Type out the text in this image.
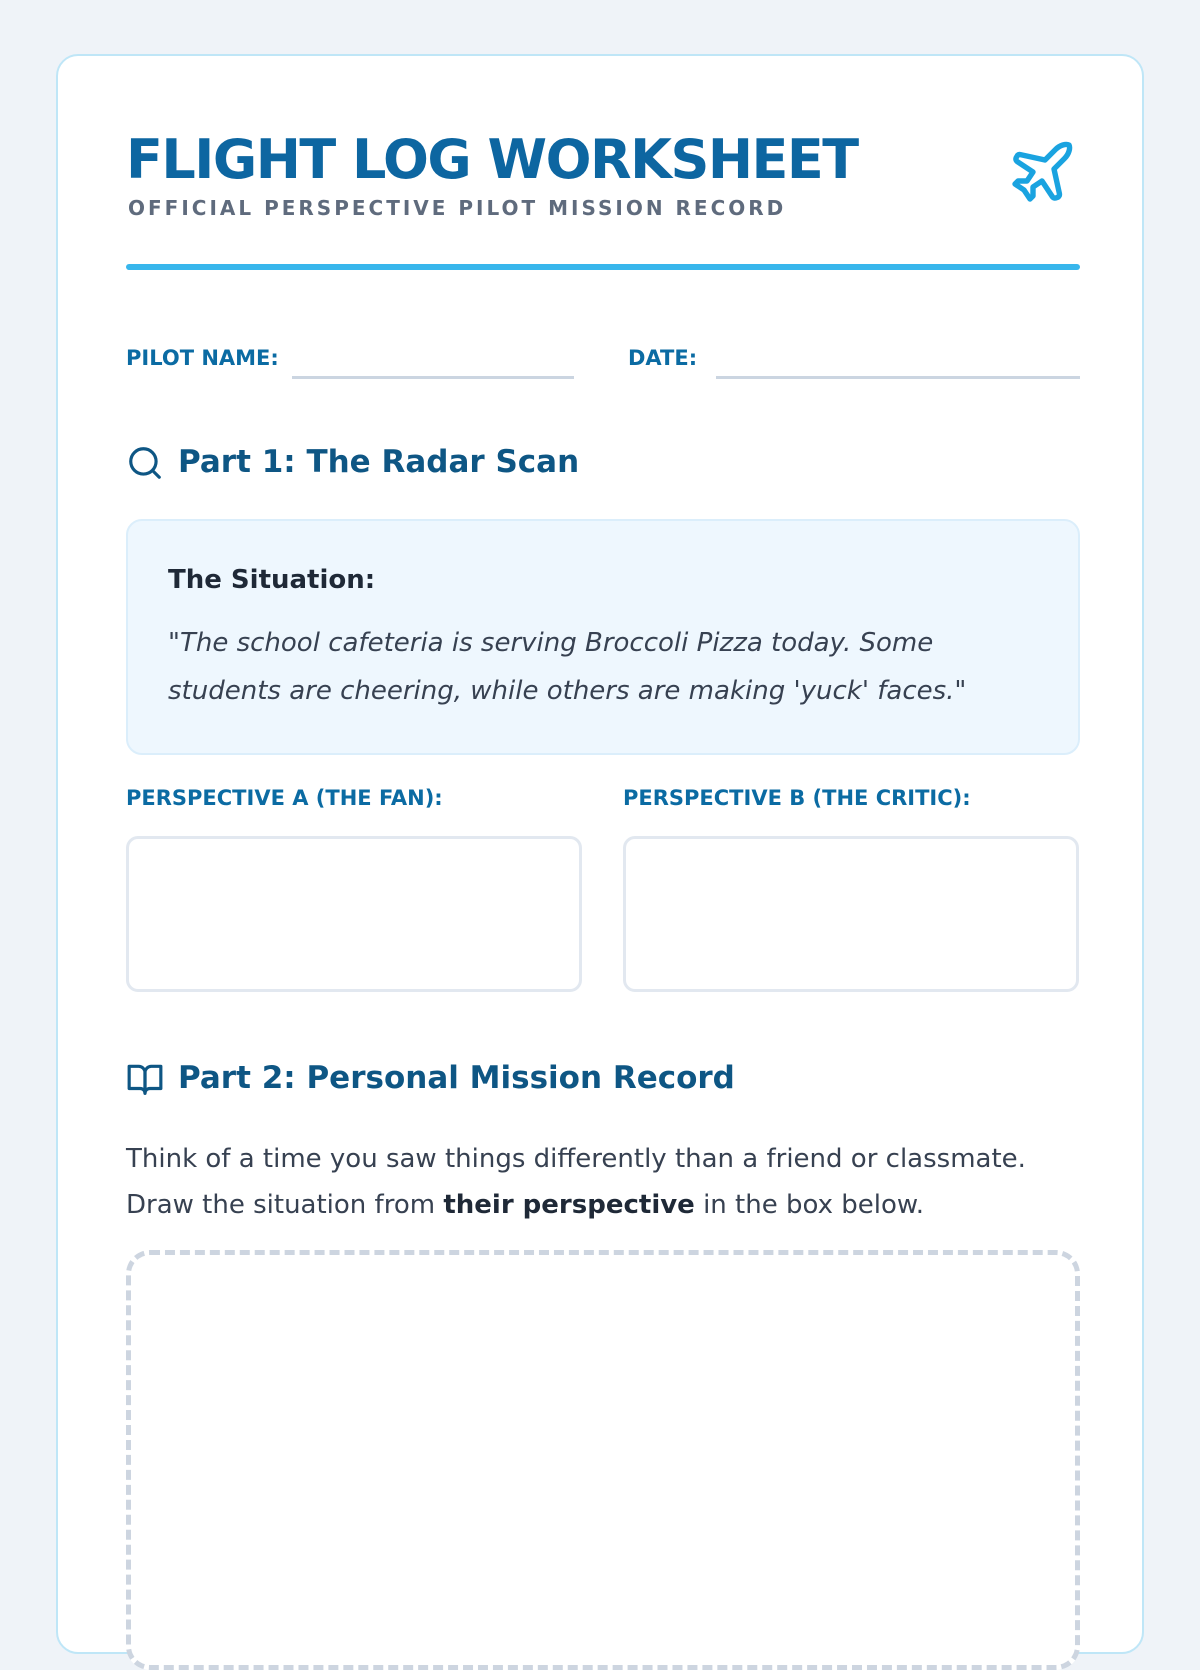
FLIGHT LOG WORKSHEET
OFFICIAL PERSPECTIVE PILOT MISSION RECORD
PILOT NAME:	DATE:
Part 1: The Radar Scan
The Situation:
"The school cafeteria is serving Broccoli Pizza today. Some students are cheering, while others are making 'yuck' faces."
PERSPECTIVE A (THE FAN):	PERSPECTIVE B (THE CRITIC):
Part 2: Personal Mission Record
Think of a time you saw things differently than a friend or classmate.
Draw the situation from their perspective in the box below.
